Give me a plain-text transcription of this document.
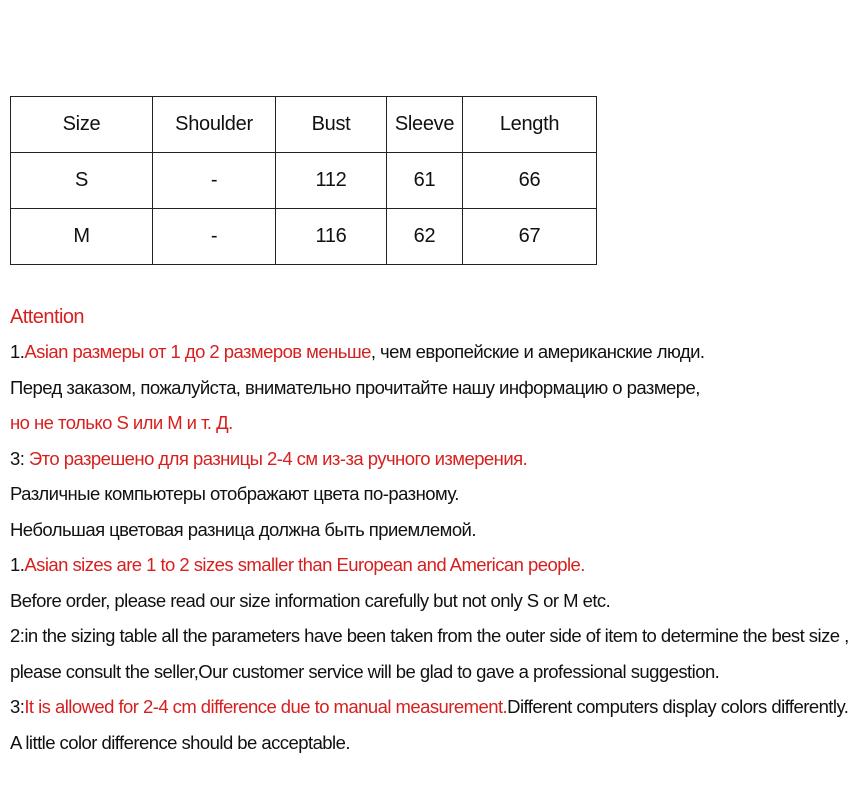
Size	Shoulder	Bust	Sleeve	Length
S	-	112	61	66
M	-	116	62	67
Attention
1.Asian размеры от 1 до 2 размеров меньше, чем европейские и американские люди.
Перед заказом, пожалуйста, внимательно прочитайте нашу информацию о размере,
но не только S или M и т. Д.
3: Это разрешено для разницы 2-4 см из-за ручного измерения.
Различные компьютеры отображают цвета по-разному.
Небольшая цветовая разница должна быть приемлемой.
1.Asian sizes are 1 to 2 sizes smaller than European and American people.
Before order, please read our size information carefully but not only S or M etc.
2:in the sizing table all the parameters have been taken from the outer side of item to determine the best size ,
please consult the seller,Our customer service will be glad to gave a professional suggestion.
3:It is allowed for 2-4 cm difference due to manual measurement.Different computers display colors differently.
A little color difference should be acceptable.
